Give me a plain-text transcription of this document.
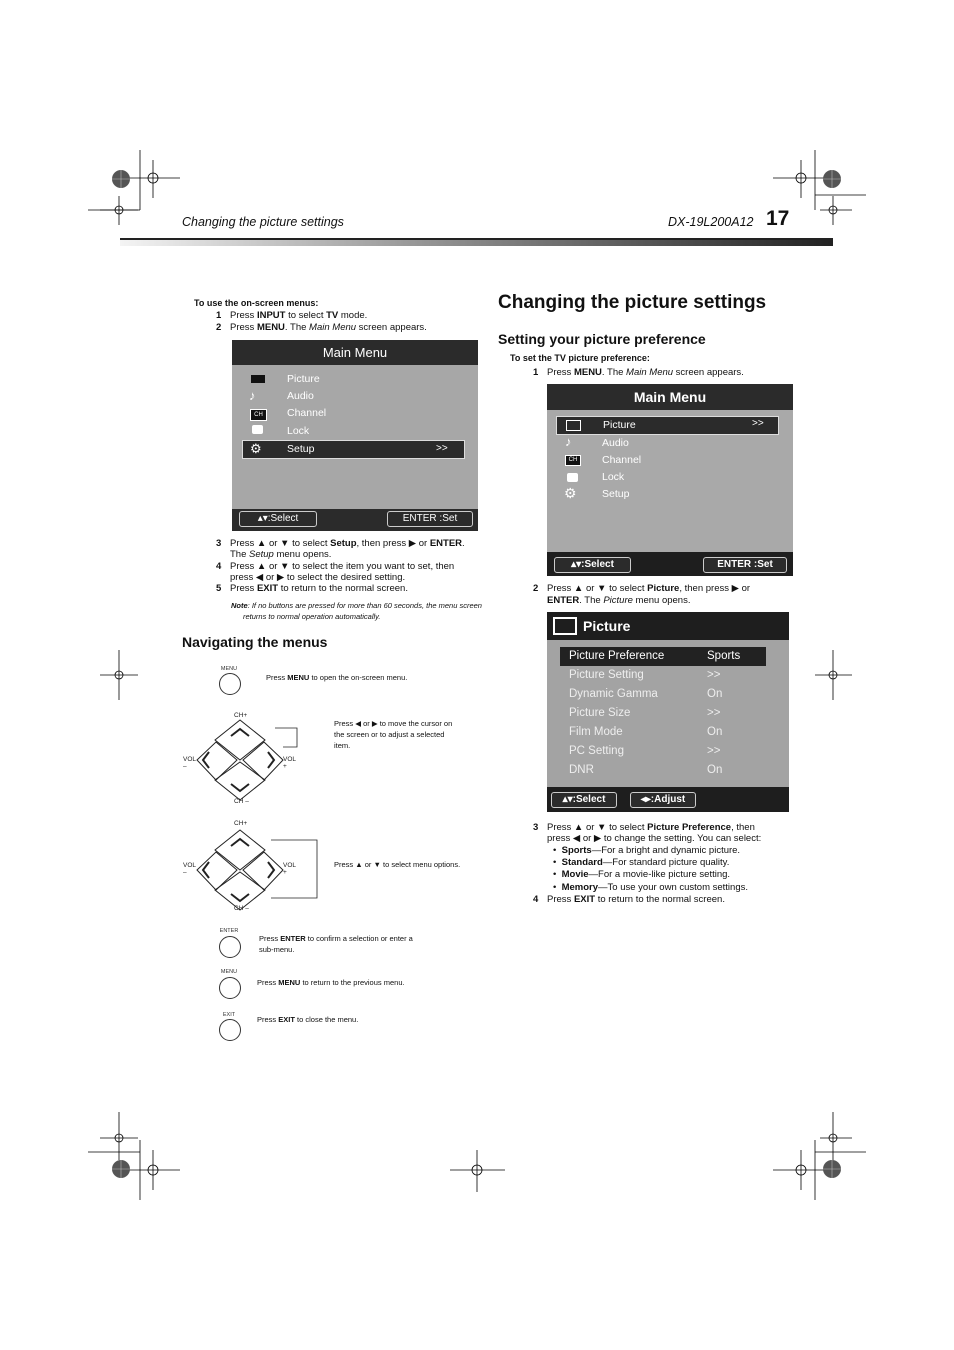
Changing the picture settings	DX-19L200A12 17
To use the on-screen menus:
1 Press INPUT to select TV mode.
2 Press MENU. The Main Menu screen appears.
Main Menu
Picture
♪	Audio
CH	Channel
Lock
⚙ Setup	>>
▴▾:Select	ENTER :Set
3 Press ▲ or ▼ to select Setup, then press ▶ or ENTER.
The Setup menu opens.
4 Press ▲ or ▼ to select the item you want to set, then
press ◀ or ▶ to select the desired setting.
5 Press EXIT to return to the normal screen.
Note: If no buttons are pressed for more than 60 seconds, the menu screen
returns to normal operation automatically.
Navigating the menus
MENU
Press MENU to open the on-screen menu.
CH+
CH –
VOL
–
VOL
+
Press ◀ or ▶ to move the cursor on
the screen or to adjust a selected
item.
CH+
CH –
VOL
–
VOL
+
Press ▲ or ▼ to select menu options.
ENTER
Press ENTER to confirm a selection or enter a
sub-menu.
MENU
Press MENU to return to the previous menu.
EXIT	Press EXIT to close the menu.
Changing the picture settings
Setting your picture preference
To set the TV picture preference:
1 Press MENU. The Main Menu screen appears.
Main Menu
Picture	>>
♪	Audio
CH	Channel
Lock
⚙ Setup
▴▾:Select	ENTER :Set
2 Press ▲ or ▼ to select Picture, then press ▶ or
ENTER. The Picture menu opens.
Picture
Picture Preference	Sports
Picture Setting	>>
Dynamic Gamma	On
Picture Size	>>
Film Mode	On
PC Setting	>>
DNR	On
▴▾:Select	◂▸:Adjust
3 Press ▲ or ▼ to select Picture Preference, then
press ◀ or ▶ to change the setting. You can select:
•  Sports—For a bright and dynamic picture.
•  Standard—For standard picture quality.
•  Movie—For a movie-like picture setting.
•  Memory—To use your own custom settings.
4 Press EXIT to return to the normal screen.
